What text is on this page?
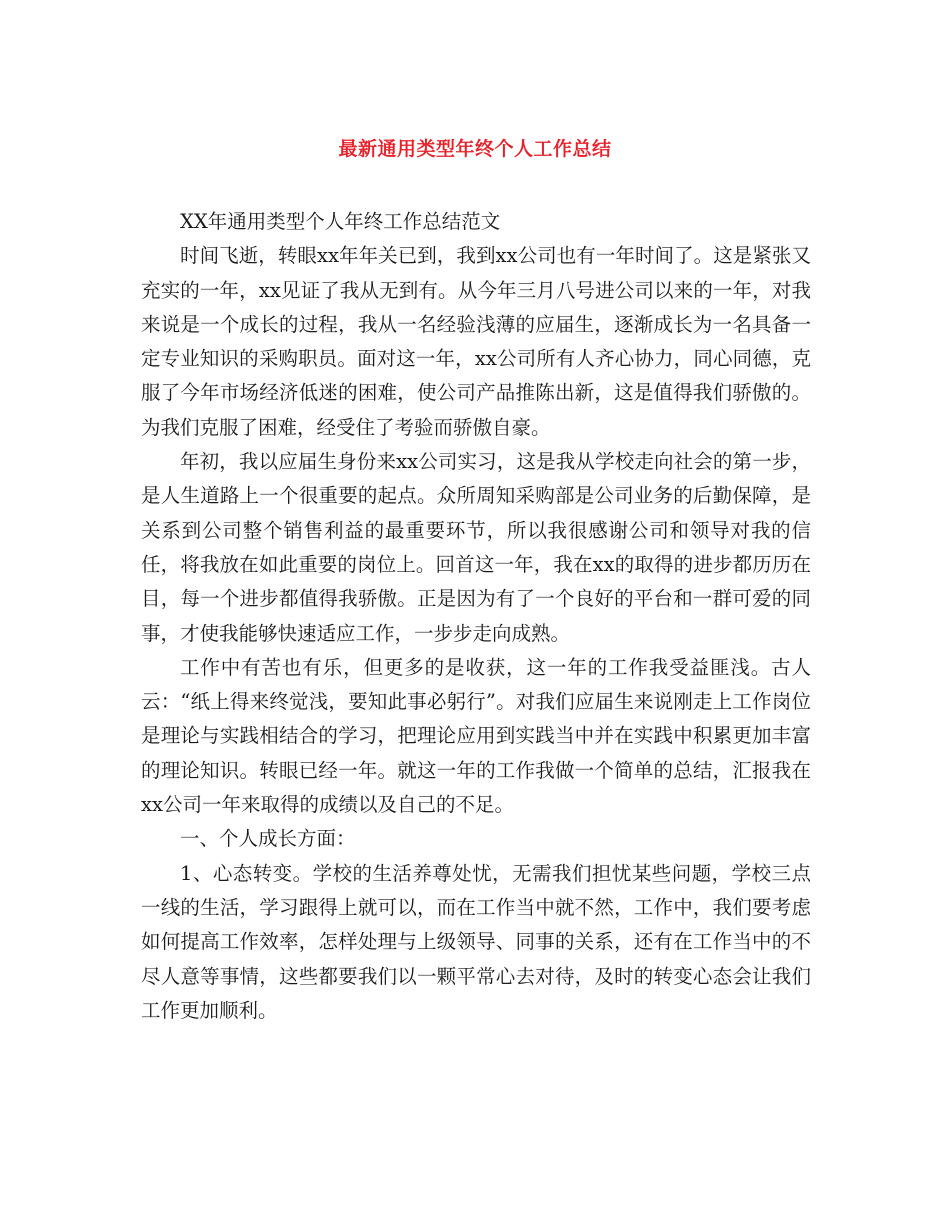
最新通用类型年终个人工作总结

XX年通用类型个人年终工作总结范文

时间飞逝，转眼xx年年关已到，我到xx公司也有一年时间了。这是紧张又充实的一年，xx见证了我从无到有。从今年三月八号进公司以来的一年，对我来说是一个成长的过程，我从一名经验浅薄的应届生，逐渐成长为一名具备一定专业知识的采购职员。面对这一年，xx公司所有人齐心协力，同心同德，克服了今年市场经济低迷的困难，使公司产品推陈出新，这是值得我们骄傲的。为我们克服了困难，经受住了考验而骄傲自豪。

年初，我以应届生身份来xx公司实习，这是我从学校走向社会的第一步，是人生道路上一个很重要的起点。众所周知采购部是公司业务的后勤保障，是关系到公司整个销售利益的最重要环节，所以我很感谢公司和领导对我的信任，将我放在如此重要的岗位上。回首这一年，我在xx的取得的进步都历历在目，每一个进步都值得我骄傲。正是因为有了一个良好的平台和一群可爱的同事，才使我能够快速适应工作，一步步走向成熟。

工作中有苦也有乐，但更多的是收获，这一年的工作我受益匪浅。古人云：“纸上得来终觉浅，要知此事必躬行”。对我们应届生来说刚走上工作岗位是理论与实践相结合的学习，把理论应用到实践当中并在实践中积累更加丰富的理论知识。转眼已经一年。就这一年的工作我做一个简单的总结，汇报我在xx公司一年来取得的成绩以及自己的不足。

一、个人成长方面：

1、心态转变。学校的生活养尊处忧，无需我们担忧某些问题，学校三点一线的生活，学习跟得上就可以，而在工作当中就不然，工作中，我们要考虑如何提高工作效率，怎样处理与上级领导、同事的关系，还有在工作当中的不尽人意等事情，这些都要我们以一颗平常心去对待，及时的转变心态会让我们工作更加顺利。
